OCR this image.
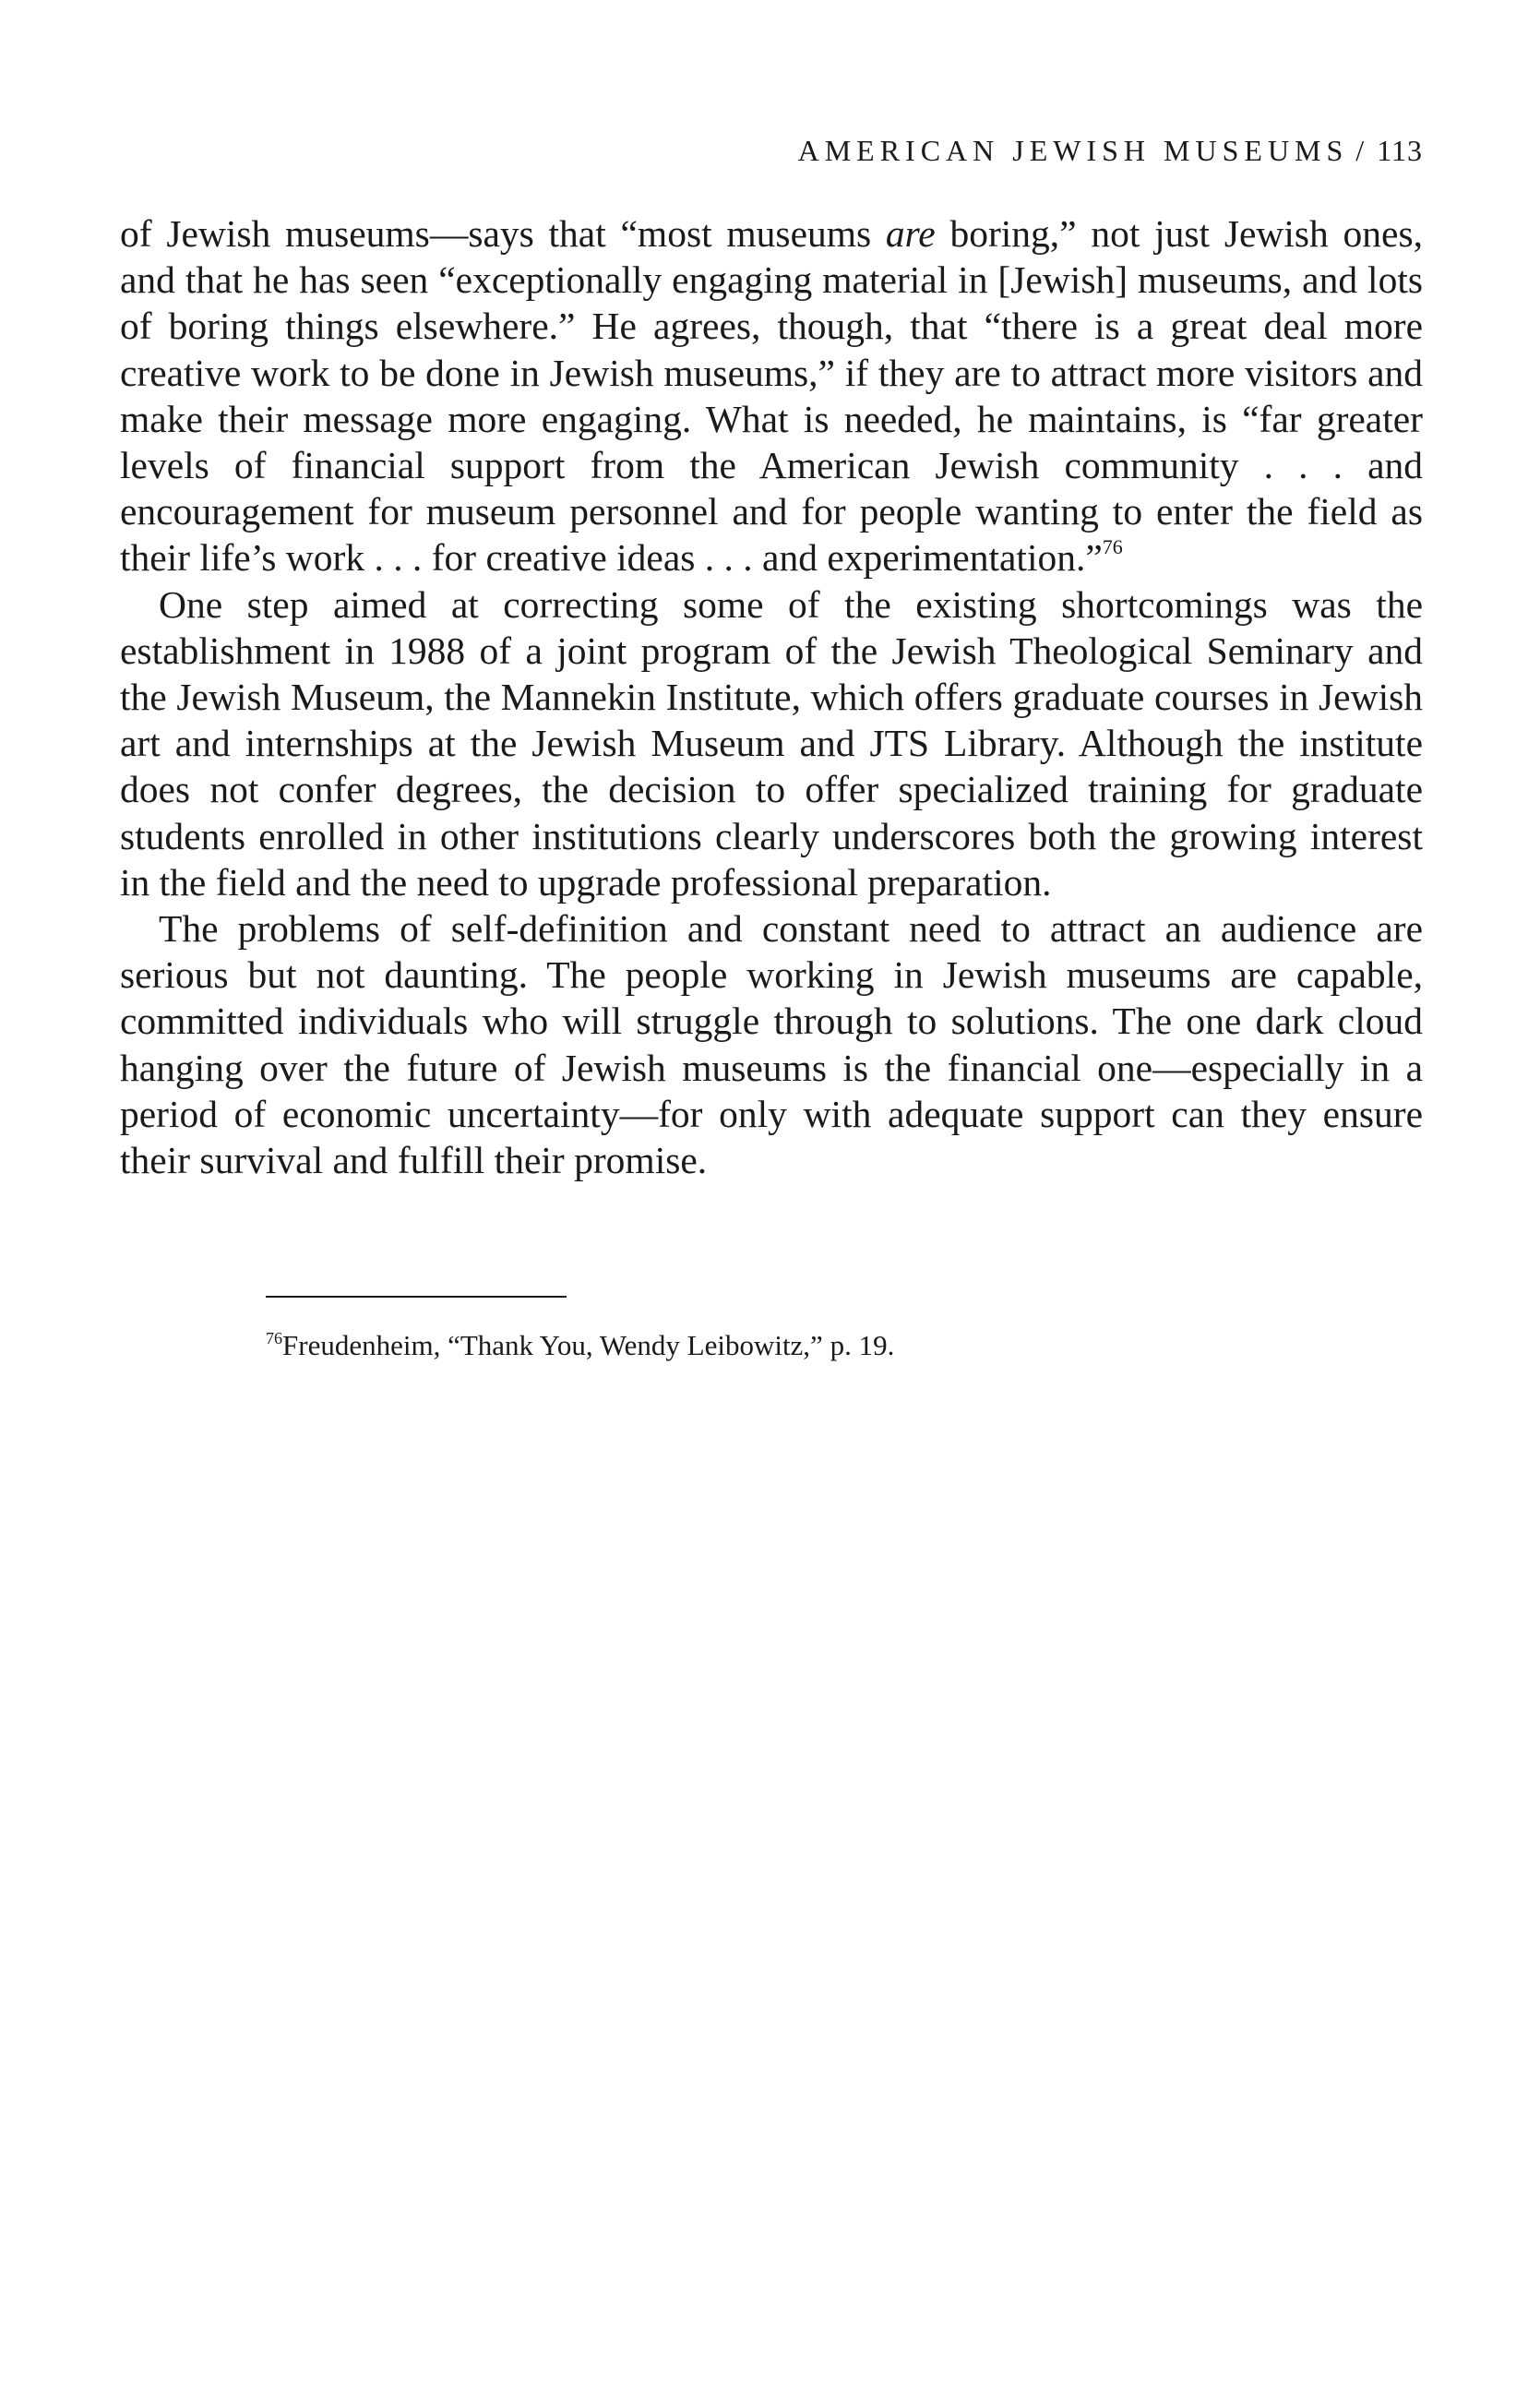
AMERICAN JEWISH MUSEUMS / 113

of Jewish museums—says that “most museums are boring,” not just Jewish ones, and that he has seen “exceptionally engaging material in [Jewish] museums, and lots of boring things elsewhere.” He agrees, though, that “there is a great deal more creative work to be done in Jewish museums,” if they are to attract more visitors and make their message more engaging. What is needed, he maintains, is “far greater levels of financial support from the American Jewish community . . . and encouragement for museum personnel and for people wanting to enter the field as their life’s work . . . for creative ideas . . . and experimentation.”$^{76}$

One step aimed at correcting some of the existing shortcomings was the establishment in 1988 of a joint program of the Jewish Theological Seminary and the Jewish Museum, the Mannekin Institute, which offers graduate courses in Jewish art and internships at the Jewish Museum and JTS Library. Although the institute does not confer degrees, the decision to offer specialized training for graduate students enrolled in other institutions clearly underscores both the growing interest in the field and the need to upgrade professional preparation.

The problems of self-definition and constant need to attract an audience are serious but not daunting. The people working in Jewish museums are capable, committed individuals who will struggle through to solutions. The one dark cloud hanging over the future of Jewish museums is the financial one—especially in a period of economic uncertainty—for only with adequate support can they ensure their survival and fulfill their promise.

$^{76}$Freudenheim, “Thank You, Wendy Leibowitz,” p. 19.
